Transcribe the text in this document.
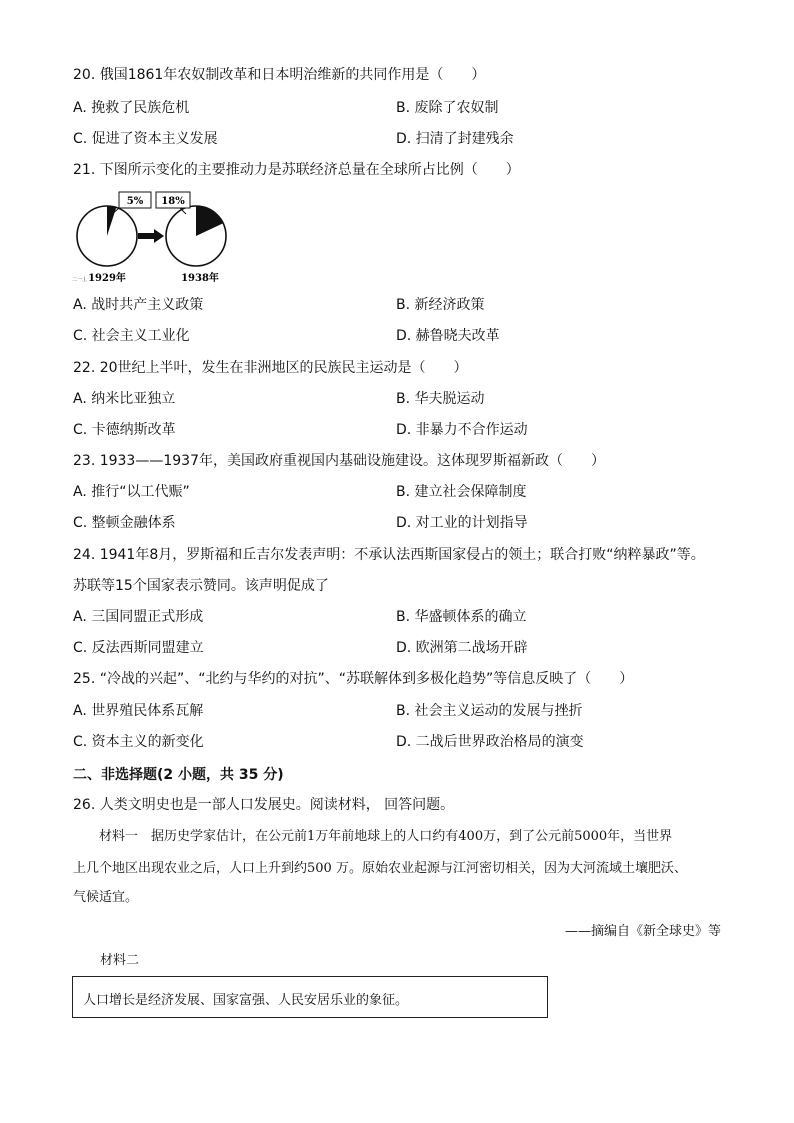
20. 俄国1861年农奴制改革和日本明治维新的共同作用是（　　）
A. 挽救了民族危机	B. 废除了农奴制
C. 促进了资本主义发展	D. 扫清了封建残余
21. 下图所示变化的主要推动力是苏联经济总量在全球所占比例（　　）
5% 18%
二一丄 1929年	1938年
A. 战时共产主义政策	B. 新经济政策
C. 社会主义工业化	D. 赫鲁晓夫改革
22. 20世纪上半叶，发生在非洲地区的民族民主运动是（　　）
A. 纳米比亚独立	B. 华夫脱运动
C. 卡德纳斯改革	D. 非暴力不合作运动
23. 1933——1937年，美国政府重视国内基础设施建设。这体现罗斯福新政（　　）
A. 推行“以工代赈”	B. 建立社会保障制度
C. 整顿金融体系	D. 对工业的计划指导
24. 1941年8月，罗斯福和丘吉尔发表声明：不承认法西斯国家侵占的领土；联合打败“纳粹暴政”等。
苏联等15个国家表示赞同。该声明促成了
A. 三国同盟正式形成	B. 华盛顿体系的确立
C. 反法西斯同盟建立	D. 欧洲第二战场开辟
25. “冷战的兴起”、“北约与华约的对抗”、“苏联解体到多极化趋势”等信息反映了（　　）
A. 世界殖民体系瓦解	B. 社会主义运动的发展与挫折
C. 资本主义的新变化	D. 二战后世界政治格局的演变
二、非选择题(2 小题，共 35 分)
26. 人类文明史也是一部人口发展史。阅读材料， 回答问题。
材料一　据历史学家估计，在公元前1万年前地球上的人口约有400万，到了公元前5000年，当世界
上几个地区出现农业之后，人口上升到约500 万。原始农业起源与江河密切相关，因为大河流域土壤肥沃、
气候适宜。
——摘编自《新全球史》等
材料二
人口增长是经济发展、国家富强、人民安居乐业的象征。
